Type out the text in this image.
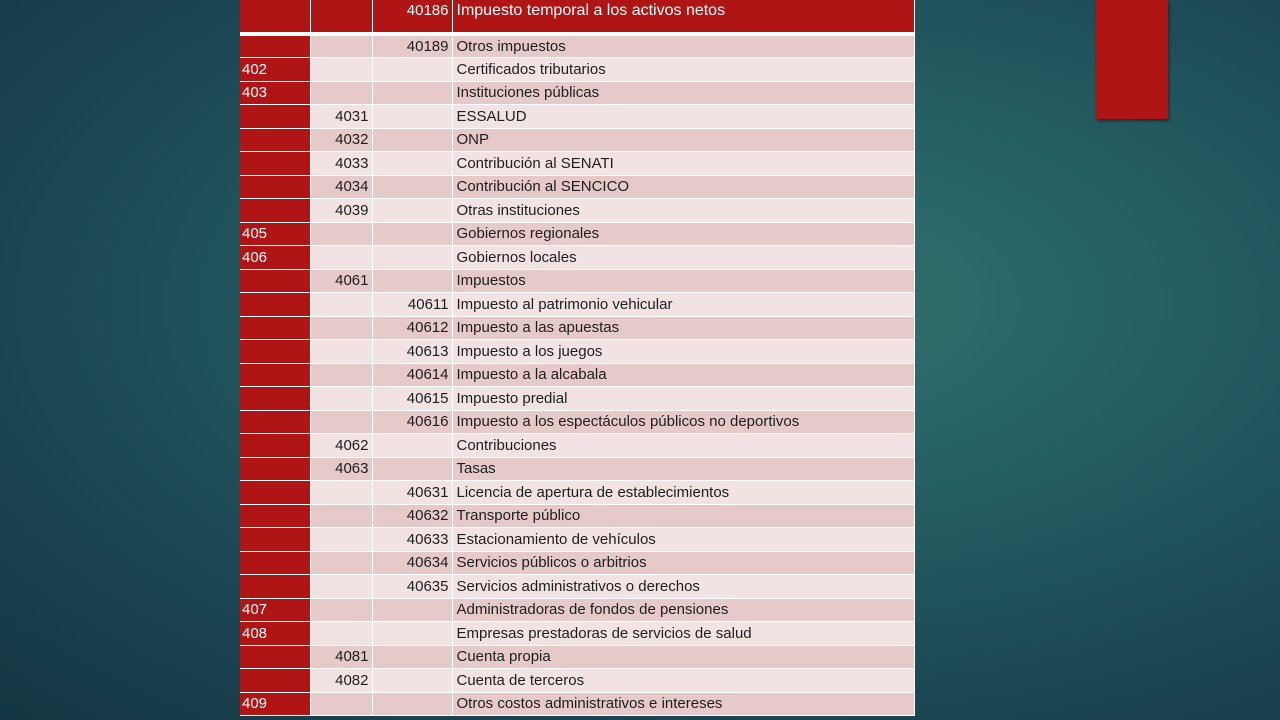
		40186	Impuesto temporal a los activos netos
		40189	Otros impuestos
402			Certificados tributarios
403			Instituciones públicas
	4031		ESSALUD
	4032		ONP
	4033		Contribución al SENATI
	4034		Contribución al SENCICO
	4039		Otras instituciones
405			Gobiernos regionales
406			Gobiernos locales
	4061		Impuestos
		40611	Impuesto al patrimonio vehicular
		40612	Impuesto a las apuestas
		40613	Impuesto a los juegos
		40614	Impuesto a la alcabala
		40615	Impuesto predial
		40616	Impuesto a los espectáculos públicos no deportivos
	4062		Contribuciones
	4063		Tasas
		40631	Licencia de apertura de establecimientos
		40632	Transporte público
		40633	Estacionamiento de vehículos
		40634	Servicios públicos o arbitrios
		40635	Servicios administrativos o derechos
407			Administradoras de fondos de pensiones
408			Empresas prestadoras de servicios de salud
	4081		Cuenta propia
	4082		Cuenta de terceros
409			Otros costos administrativos e intereses
